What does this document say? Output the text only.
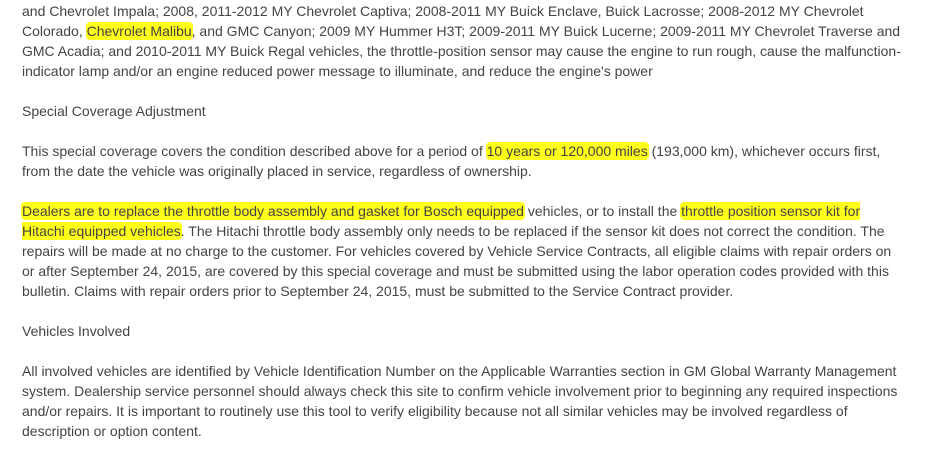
and Chevrolet Impala; 2008, 2011-2012 MY Chevrolet Captiva; 2008-2011 MY Buick Enclave, Buick Lacrosse; 2008-2012 MY Chevrolet Colorado, Chevrolet Malibu, and GMC Canyon; 2009 MY Hummer H3T; 2009-2011 MY Buick Lucerne; 2009-2011 MY Chevrolet Traverse and GMC Acadia; and 2010-2011 MY Buick Regal vehicles, the throttle-position sensor may cause the engine to run rough, cause the malfunction-indicator lamp and/or an engine reduced power message to illuminate, and reduce the engine's power

Special Coverage Adjustment

This special coverage covers the condition described above for a period of 10 years or 120,000 miles (193,000 km), whichever occurs first, from the date the vehicle was originally placed in service, regardless of ownership.

Dealers are to replace the throttle body assembly and gasket for Bosch equipped vehicles, or to install the throttle position sensor kit for Hitachi equipped vehicles. The Hitachi throttle body assembly only needs to be replaced if the sensor kit does not correct the condition. The repairs will be made at no charge to the customer. For vehicles covered by Vehicle Service Contracts, all eligible claims with repair orders on or after September 24, 2015, are covered by this special coverage and must be submitted using the labor operation codes provided with this bulletin. Claims with repair orders prior to September 24, 2015, must be submitted to the Service Contract provider.

Vehicles Involved

All involved vehicles are identified by Vehicle Identification Number on the Applicable Warranties section in GM Global Warranty Management system. Dealership service personnel should always check this site to confirm vehicle involvement prior to beginning any required inspections and/or repairs. It is important to routinely use this tool to verify eligibility because not all similar vehicles may be involved regardless of description or option content.
